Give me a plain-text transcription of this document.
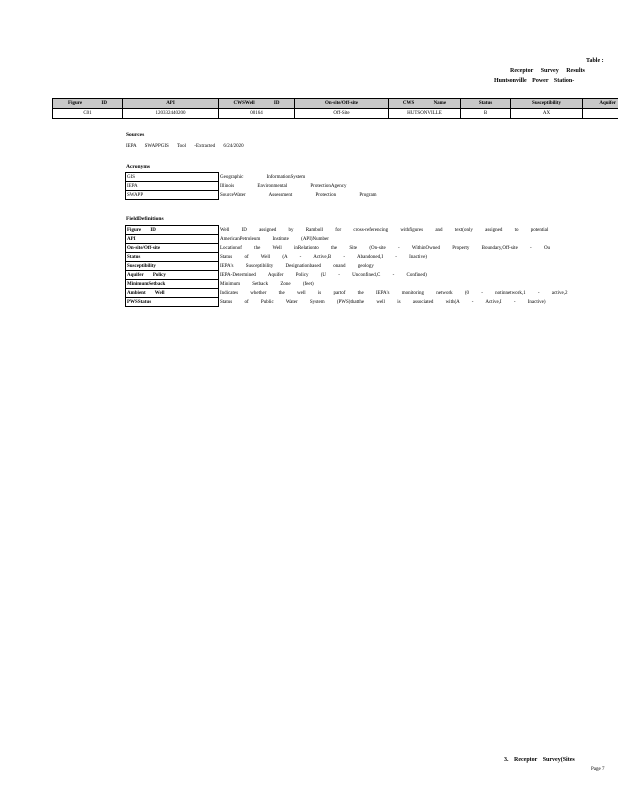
Table :
Receptor Survey Results
Huntsonville Power Station-
Figure ID	API	CWSWell ID	On-site/Off-site	CWS Name	Status	Susceptibility	Aquifer
C01	120332440200	00164	Off-Site	HUTSONVILLE	B	AX	
Sources
IEPA SWAPPGIS Tool -Extracted 6/24/2020
Acronyms
GIS	Geographic InformationSystem
IEPA	Illinois Environmental ProtectionAgency
SWAPP	SourceWater Assessment Protection Program
FieldDefinitions
Figure ID	Well ID assigned by Ramboll for cross-referencing withfigures and text(only assigned to potential
API	AmericanPetroleum Institute (API)Number
On-site/Off-site	Locationof the Well inRelationto the Site (On-site - WithinOwned Property Boundary,Off-site - Ou
Status	Status of Well (A - Active,B - Abandoned,I - Inactive)
Susceptibility	IEPA's Susceptibility Designationbased onand geology
Aquifer Policy	IEPA-Determined Aquifer Policy (U - Unconfined,C - Confined)
MinimumSetback	Minimum Setback Zone (feet)
Ambient Well	Indicates whether the well is partof the IEPA's monitoring network (0 - notinnetwork,1 - active,2
PWSStatus	Status of Public Water System (PWS)thatthe well is associated with(A - Active,I - Inactive)
3. Receptor Survey(Sites
Page 7
